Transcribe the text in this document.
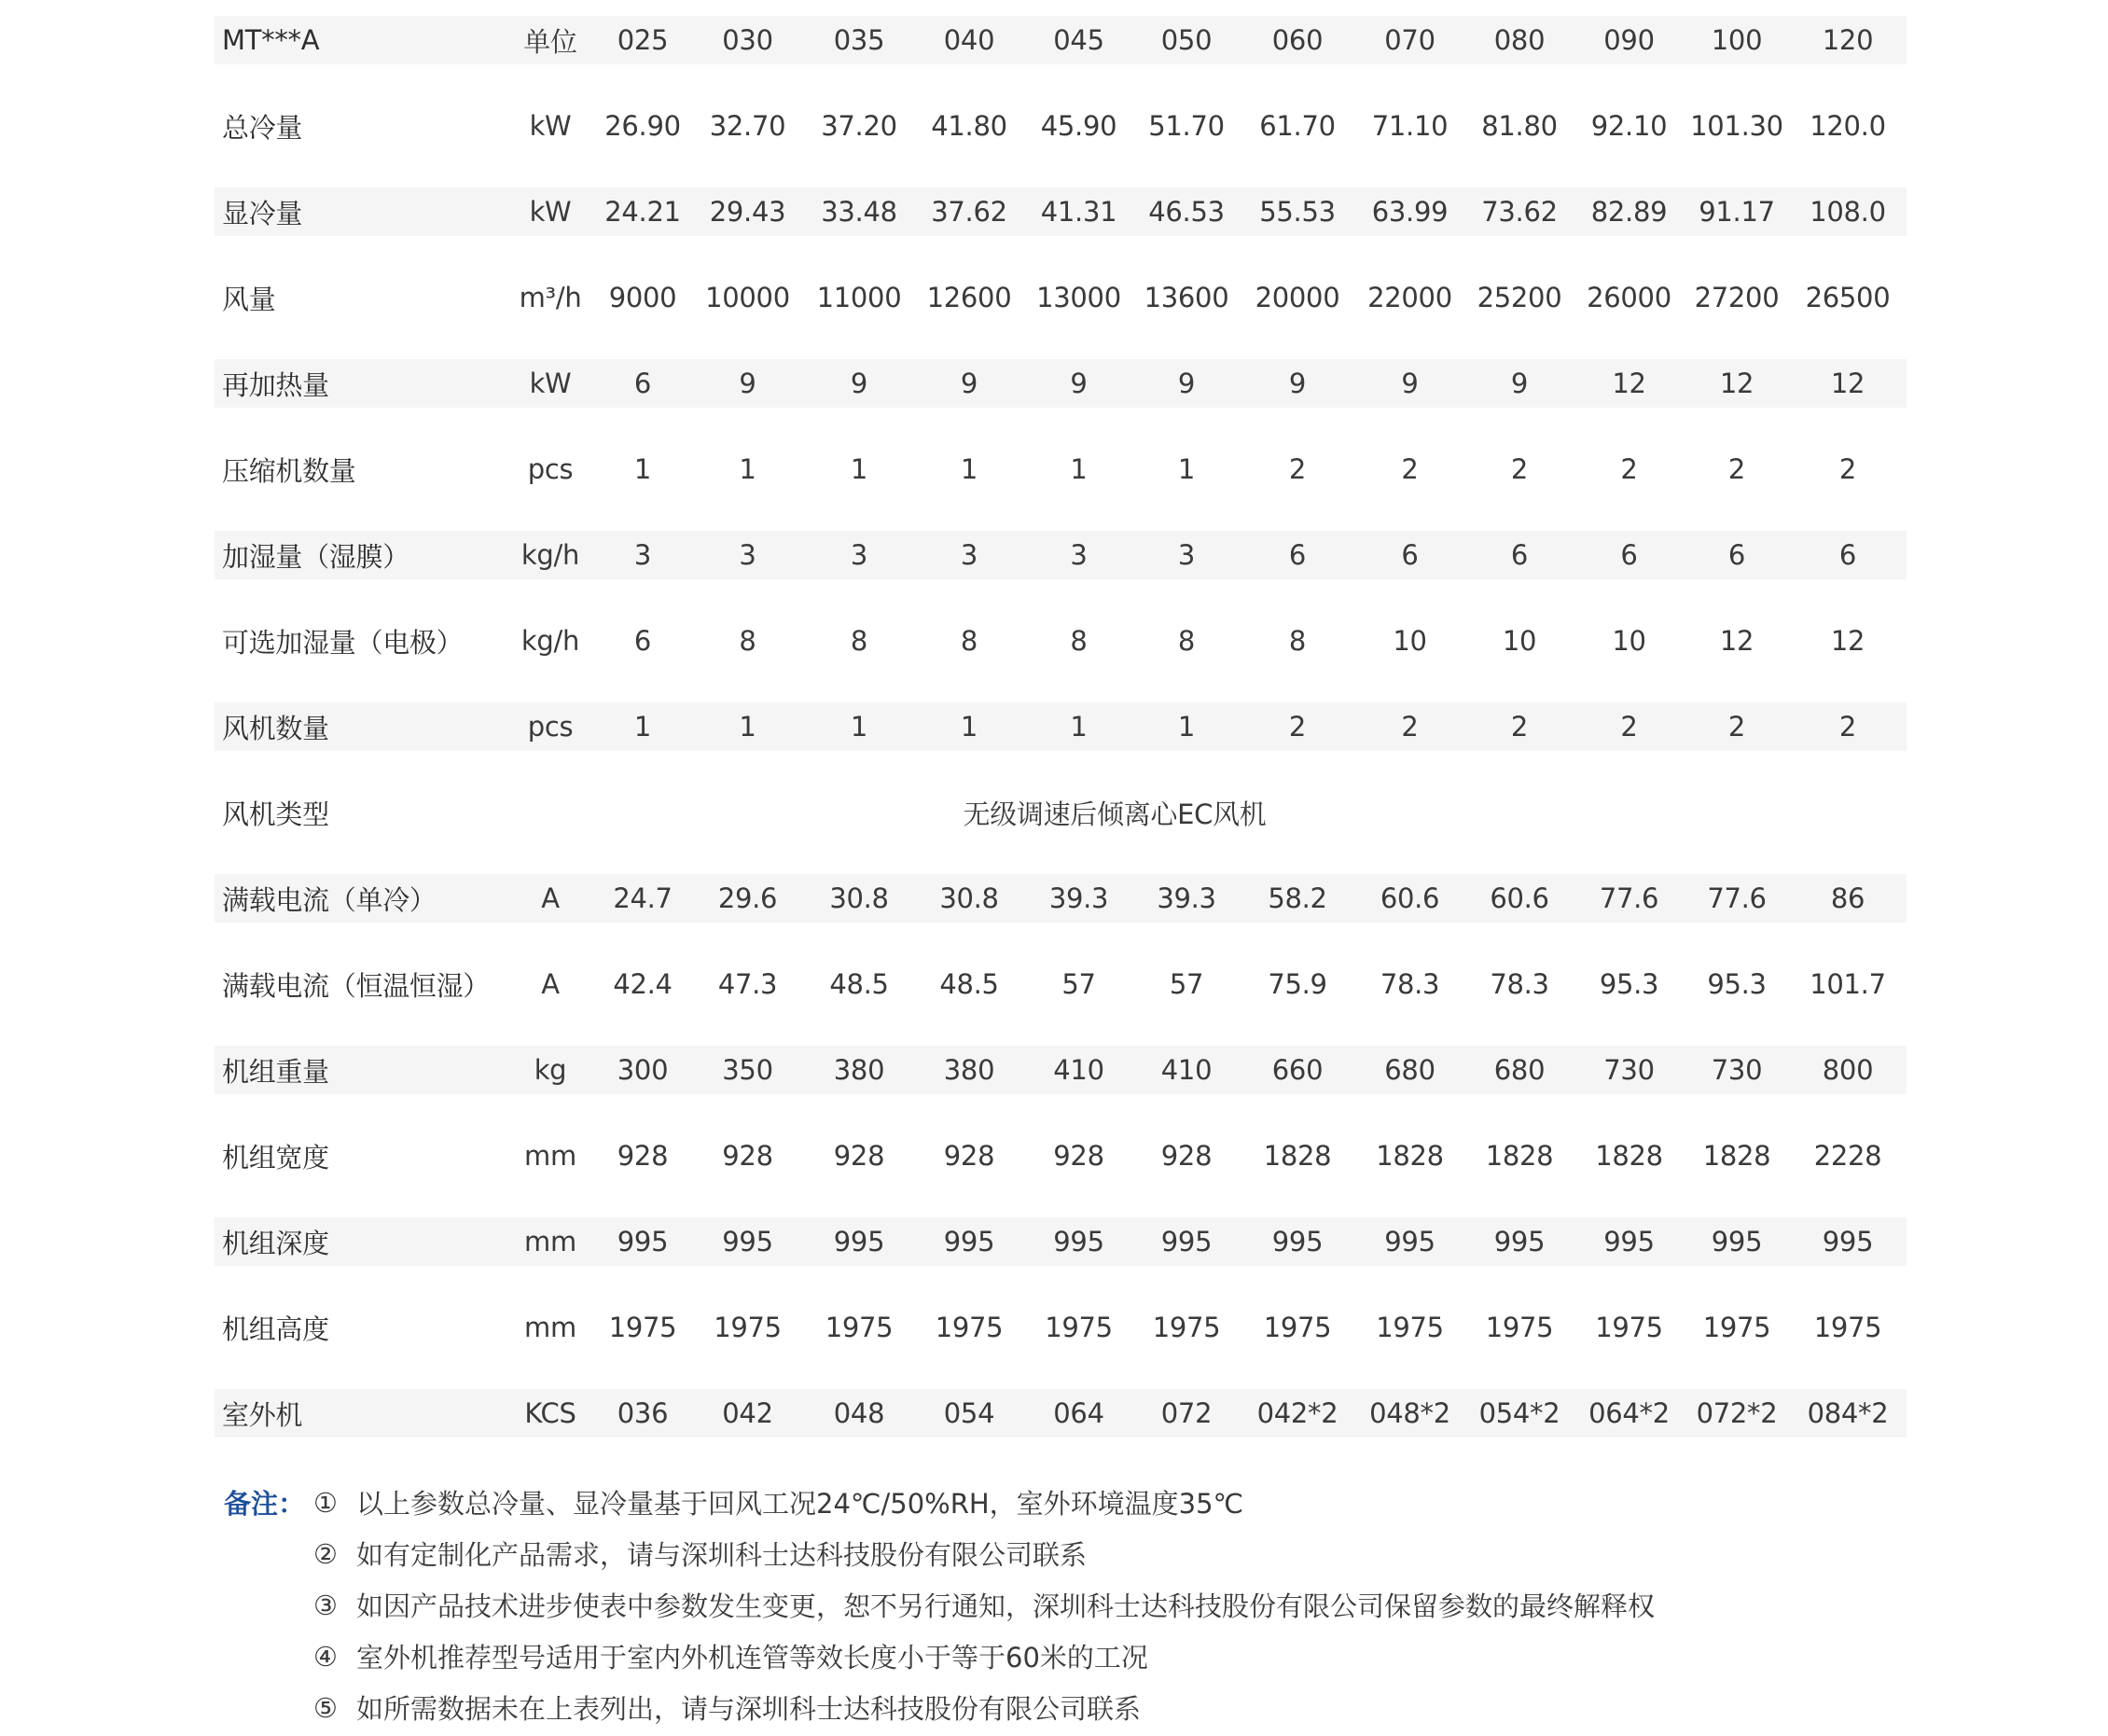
MT***A	单位	025	030	035	040	045	050	060	070	080	090	100	120
总冷量	kW	26.90	32.70	37.20	41.80	45.90	51.70	61.70	71.10	81.80	92.10 101.30 120.0
显冷量	kW	24.21	29.43	33.48	37.62	41.31	46.53	55.53	63.99	73.62	82.89	91.17	108.0
风量	m³/h	9000	10000 11000 12600 13000 13600 20000	22000 25200 26000 27200 26500
再加热量	kW	6	9	9	9	9	9	9	9	9	12	12	12
压缩机数量	pcs	1	1	1	1	1	1	2	2	2	2	2	2
加湿量（湿膜）	kg/h	3	3	3	3	3	3	6	6	6	6	6	6
可选加湿量（电极）	kg/h	6	8	8	8	8	8	8	10	10	10	12	12
风机数量	pcs	1	1	1	1	1	1	2	2	2	2	2	2
风机类型	无级调速后倾离心EC风机
满载电流（单冷）	A	24.7	29.6	30.8	30.8	39.3	39.3	58.2	60.6	60.6	77.6	77.6	86
满载电流（恒温恒湿）	A	42.4	47.3	48.5	48.5	57	57	75.9	78.3	78.3	95.3	95.3	101.7
机组重量	kg	300	350	380	380	410	410	660	680	680	730	730	800
机组宽度	mm	928	928	928	928	928	928	1828	1828	1828	1828	1828	2228
机组深度	mm	995	995	995	995	995	995	995	995	995	995	995	995
机组高度	mm	1975	1975	1975	1975	1975	1975	1975	1975	1975	1975	1975	1975
室外机	KCS	036	042	048	054	064	072	042*2	048*2	054*2	064*2 072*2	084*2
备注： ① 以上参数总冷量、显冷量基于回风工况24℃/50%RH，室外环境温度35℃
② 如有定制化产品需求，请与深圳科士达科技股份有限公司联系
③ 如因产品技术进步使表中参数发生变更，恕不另行通知，深圳科士达科技股份有限公司保留参数的最终解释权
④ 室外机推荐型号适用于室内外机连管等效长度小于等于60米的工况
⑤ 如所需数据未在上表列出，请与深圳科士达科技股份有限公司联系
